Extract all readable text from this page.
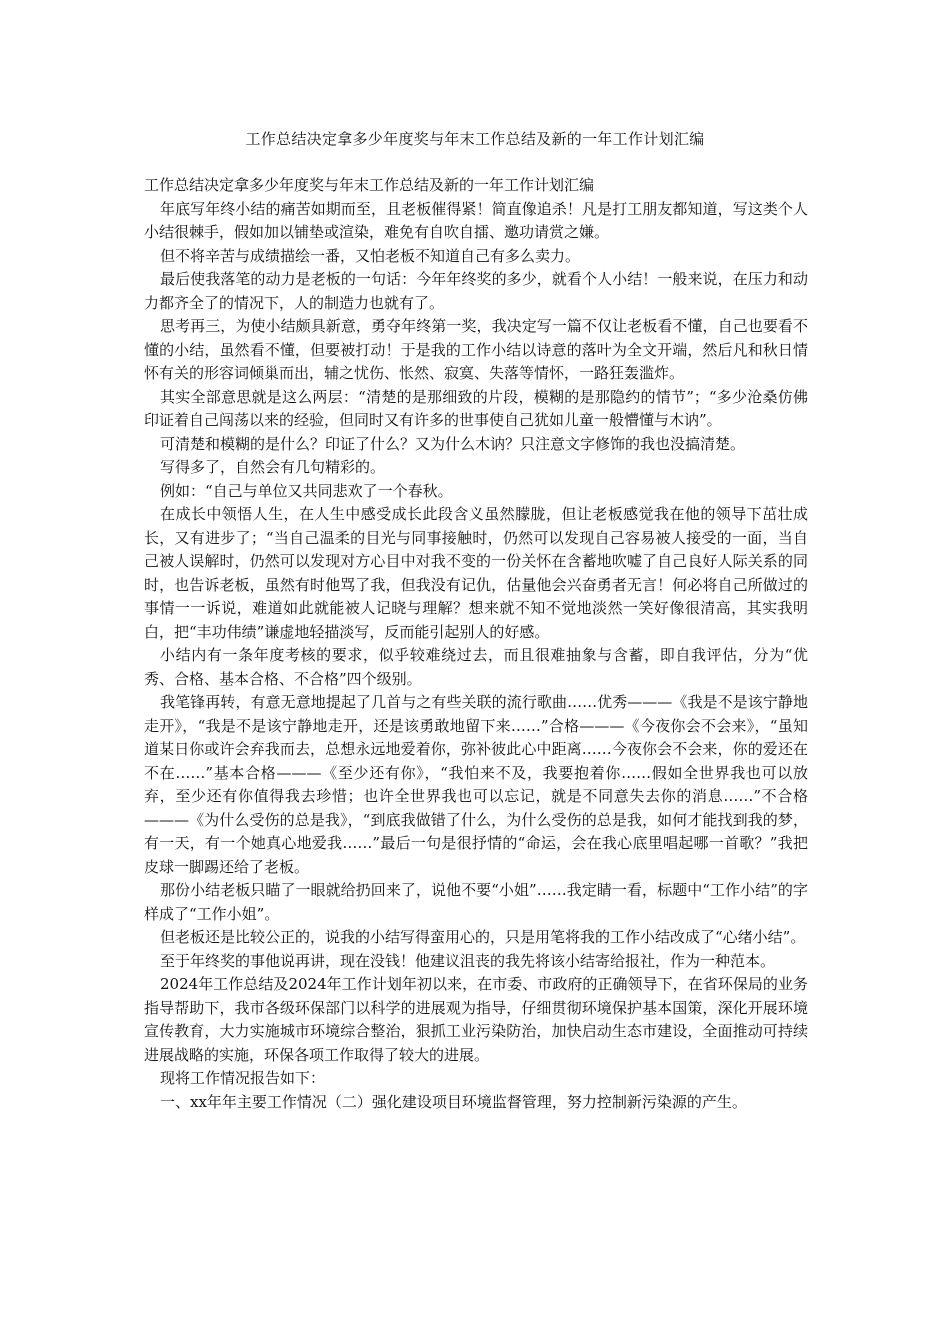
工作总结决定拿多少年度奖与年末工作总结及新的一年工作计划汇编

工作总结决定拿多少年度奖与年末工作总结及新的一年工作计划汇编

年底写年终小结的痛苦如期而至，且老板催得紧！简直像追杀！凡是打工朋友都知道，写这类个人小结很棘手，假如加以铺垫或渲染，难免有自吹自擂、邀功请赏之嫌。

但不将辛苦与成绩描绘一番，又怕老板不知道自己有多么卖力。

最后使我落笔的动力是老板的一句话：今年年终奖的多少，就看个人小结！一般来说，在压力和动力都齐全了的情况下，人的制造力也就有了。

思考再三，为使小结颇具新意，勇夺年终第一奖，我决定写一篇不仅让老板看不懂，自己也要看不懂的小结，虽然看不懂，但要被打动！于是我的工作小结以诗意的落叶为全文开端，然后凡和秋日情怀有关的形容词倾巢而出，辅之忧伤、怅然、寂寞、失落等情怀，一路狂轰滥炸。

其实全部意思就是这么两层：“清楚的是那细致的片段，模糊的是那隐约的情节”；“多少沧桑仿佛印证着自己闯荡以来的经验，但同时又有许多的世事使自己犹如儿童一般懵懂与木讷”。

可清楚和模糊的是什么？印证了什么？又为什么木讷？只注意文字修饰的我也没搞清楚。

写得多了，自然会有几句精彩的。

例如：“自己与单位又共同悲欢了一个春秋。

在成长中领悟人生，在人生中感受成长此段含义虽然朦胧，但让老板感觉我在他的领导下茁壮成长，又有进步了；“当自己温柔的目光与同事接触时，仍然可以发现自己容易被人接受的一面，当自己被人误解时，仍然可以发现对方心目中对我不变的一份关怀在含蓄地吹嘘了自己良好人际关系的同时，也告诉老板，虽然有时他骂了我，但我没有记仇，估量他会兴奋勇者无言！何必将自己所做过的事情一一诉说，难道如此就能被人记晓与理解？想来就不知不觉地淡然一笑好像很清高，其实我明白，把“丰功伟绩”谦虚地轻描淡写，反而能引起别人的好感。

小结内有一条年度考核的要求，似乎较难绕过去，而且很难抽象与含蓄，即自我评估，分为“优秀、合格、基本合格、不合格”四个级别。

我笔锋再转，有意无意地提起了几首与之有些关联的流行歌曲……优秀———《我是不是该宁静地走开》，“我是不是该宁静地走开，还是该勇敢地留下来……”合格———《今夜你会不会来》，“虽知道某日你或许会弃我而去，总想永远地爱着你，弥补彼此心中距离……今夜你会不会来，你的爱还在不在……”基本合格———《至少还有你》，“我怕来不及，我要抱着你……假如全世界我也可以放弃，至少还有你值得我去珍惜；也许全世界我也可以忘记，就是不同意失去你的消息……”不合格———《为什么受伤的总是我》，“到底我做错了什么，为什么受伤的总是我，如何才能找到我的梦，有一天，有一个她真心地爱我……”最后一句是很抒情的“命运，会在我心底里唱起哪一首歌？”我把皮球一脚踢还给了老板。

那份小结老板只瞄了一眼就给扔回来了，说他不要“小姐”……我定睛一看，标题中“工作小结”的字样成了“工作小姐”。

但老板还是比较公正的，说我的小结写得蛮用心的，只是用笔将我的工作小结改成了“心绪小结”。

至于年终奖的事他说再讲，现在没钱！他建议沮丧的我先将该小结寄给报社，作为一种范本。

2024年工作总结及2024年工作计划年初以来，在市委、市政府的正确领导下，在省环保局的业务指导帮助下，我市各级环保部门以科学的进展观为指导，仔细贯彻环境保护基本国策，深化开展环境宣传教育，大力实施城市环境综合整治，狠抓工业污染防治，加快启动生态市建设，全面推动可持续进展战略的实施，环保各项工作取得了较大的进展。

现将工作情况报告如下：

一、xx年年主要工作情况（二）强化建设项目环境监督管理，努力控制新污染源的产生。
